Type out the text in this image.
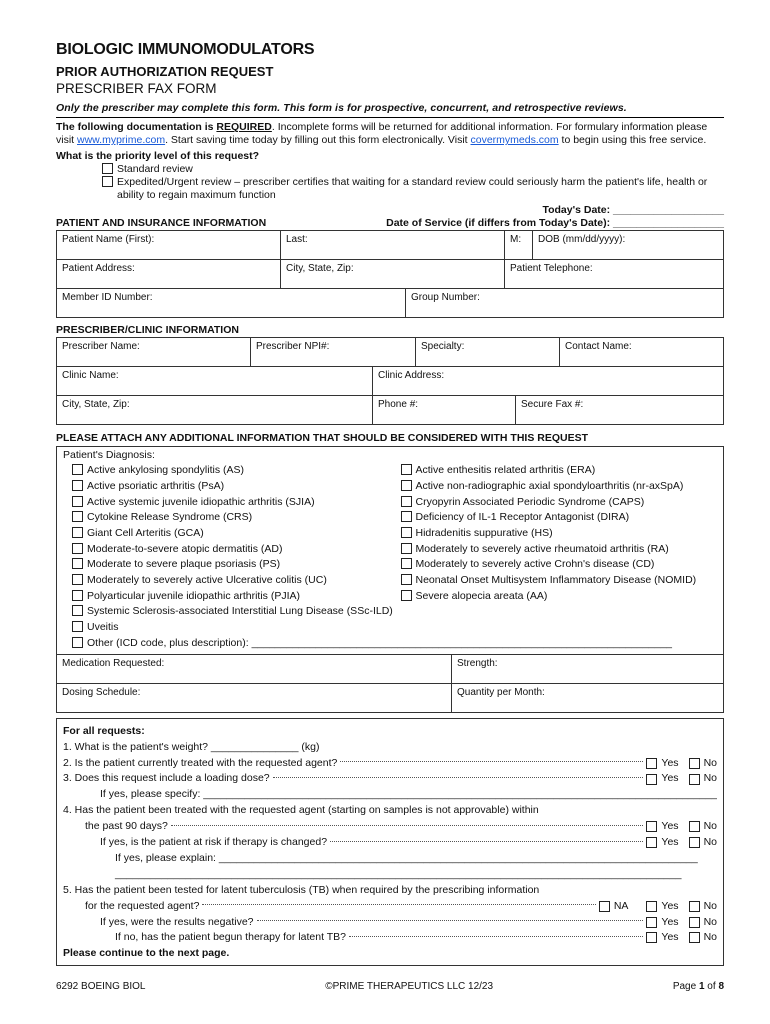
BIOLOGIC IMMUNOMODULATORS
PRIOR AUTHORIZATION REQUEST
PRESCRIBER FAX FORM
Only the prescriber may complete this form. This form is for prospective, concurrent, and retrospective reviews.
The following documentation is REQUIRED. Incomplete forms will be returned for additional information. For formulary information please visit www.myprime.com. Start saving time today by filling out this form electronically. Visit covermymeds.com to begin using this free service.
What is the priority level of this request?
Standard review
Expedited/Urgent review – prescriber certifies that waiting for a standard review could seriously harm the patient's life, health or ability to regain maximum function
Today's Date: ___________________
PATIENT AND INSURANCE INFORMATION	Date of Service (if differs from Today's Date): ___________________
Patient Name (First):	Last:	M:	DOB (mm/dd/yyyy):
Patient Address:	City, State, Zip:	Patient Telephone:	
Member ID Number:	Group Number:
PRESCRIBER/CLINIC INFORMATION
Prescriber Name:	Prescriber NPI#:	Specialty:	Contact Name:
Clinic Name:	Clinic Address:	
City, State, Zip:	Phone #:	Secure Fax #:
PLEASE ATTACH ANY ADDITIONAL INFORMATION THAT SHOULD BE CONSIDERED WITH THIS REQUEST
Patient's Diagnosis:
Active ankylosing spondylitis (AS)
Active psoriatic arthritis (PsA)
Active systemic juvenile idiopathic arthritis (SJIA)
Cytokine Release Syndrome (CRS)
Giant Cell Arteritis (GCA)
Moderate-to-severe atopic dermatitis (AD)
Moderate to severe plaque psoriasis (PS)
Moderately to severely active Ulcerative colitis (UC)
Polyarticular juvenile idiopathic arthritis (PJIA)
Active enthesitis related arthritis (ERA)
Active non-radiographic axial spondyloarthritis (nr-axSpA)
Cryopyrin Associated Periodic Syndrome (CAPS)
Deficiency of IL-1 Receptor Antagonist (DIRA)
Hidradenitis suppurative (HS)
Moderately to severely active rheumatoid arthritis (RA)
Moderately to severely active Crohn's disease (CD)
Neonatal Onset Multisystem Inflammatory Disease (NOMID)
Severe alopecia areata (AA)
Systemic Sclerosis-associated Interstitial Lung Disease (SSc-ILD)
Uveitis
Other (ICD code, plus description): ________________________________________________________________________
Medication Requested:	Strength:
Dosing Schedule:	Quantity per Month:
For all requests:
1. What is the patient's weight? _______________ (kg)
2. Is the patient currently treated with the requested agent?	Yes No
3. Does this request include a loading dose?	Yes No
If yes, please specify: ________________________________________________________________________________________
4. Has the patient been treated with the requested agent (starting on samples is not approvable) within
the past 90 days?	Yes No
If yes, is the patient at risk if therapy is changed?	Yes No
If yes, please explain: __________________________________________________________________________________
_________________________________________________________________________________________________
5. Has the patient been tested for latent tuberculosis (TB) when required by the prescribing information
for the requested agent?	NA	Yes No
If yes, were the results negative?	Yes No
If no, has the patient begun therapy for latent TB?	Yes No
Please continue to the next page.
6292 BOEING BIOL	©PRIME THERAPEUTICS LLC 12/23	Page 1 of 8
